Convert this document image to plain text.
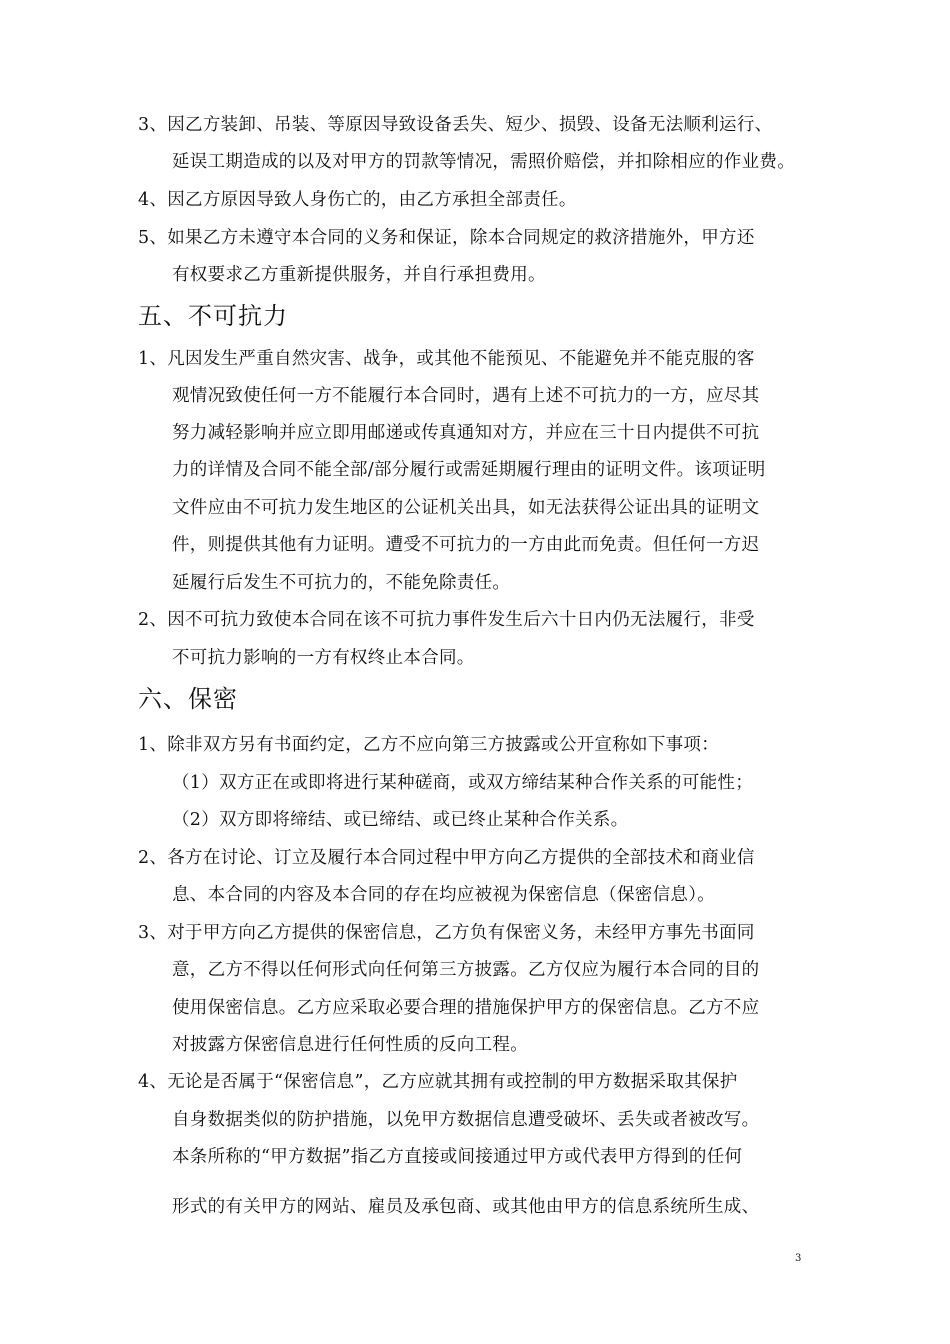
3、因乙方装卸、吊装、等原因导致设备丢失、短少、损毁、设备无法顺利运行、
延误工期造成的以及对甲方的罚款等情况，需照价赔偿，并扣除相应的作业费。
4、因乙方原因导致人身伤亡的，由乙方承担全部责任。
5、如果乙方未遵守本合同的义务和保证，除本合同规定的救济措施外，甲方还
有权要求乙方重新提供服务，并自行承担费用。
五、不可抗力
1、凡因发生严重自然灾害、战争，或其他不能预见、不能避免并不能克服的客
观情况致使任何一方不能履行本合同时，遇有上述不可抗力的一方，应尽其
努力减轻影响并应立即用邮递或传真通知对方，并应在三十日内提供不可抗
力的详情及合同不能全部/部分履行或需延期履行理由的证明文件。该项证明
文件应由不可抗力发生地区的公证机关出具，如无法获得公证出具的证明文
件，则提供其他有力证明。遭受不可抗力的一方由此而免责。但任何一方迟
延履行后发生不可抗力的，不能免除责任。
2、因不可抗力致使本合同在该不可抗力事件发生后六十日内仍无法履行，非受
不可抗力影响的一方有权终止本合同。
六、保密
1、除非双方另有书面约定，乙方不应向第三方披露或公开宣称如下事项：
（1）双方正在或即将进行某种磋商，或双方缔结某种合作关系的可能性；
（2）双方即将缔结、或已缔结、或已终止某种合作关系。
2、各方在讨论、订立及履行本合同过程中甲方向乙方提供的全部技术和商业信
息、本合同的内容及本合同的存在均应被视为保密信息（保密信息）。
3、对于甲方向乙方提供的保密信息，乙方负有保密义务，未经甲方事先书面同
意，乙方不得以任何形式向任何第三方披露。乙方仅应为履行本合同的目的
使用保密信息。乙方应采取必要合理的措施保护甲方的保密信息。乙方不应
对披露方保密信息进行任何性质的反向工程。
4、无论是否属于“保密信息”，乙方应就其拥有或控制的甲方数据采取其保护
自身数据类似的防护措施，以免甲方数据信息遭受破坏、丢失或者被改写。
本条所称的“甲方数据”指乙方直接或间接通过甲方或代表甲方得到的任何
形式的有关甲方的网站、雇员及承包商、或其他由甲方的信息系统所生成、
3
